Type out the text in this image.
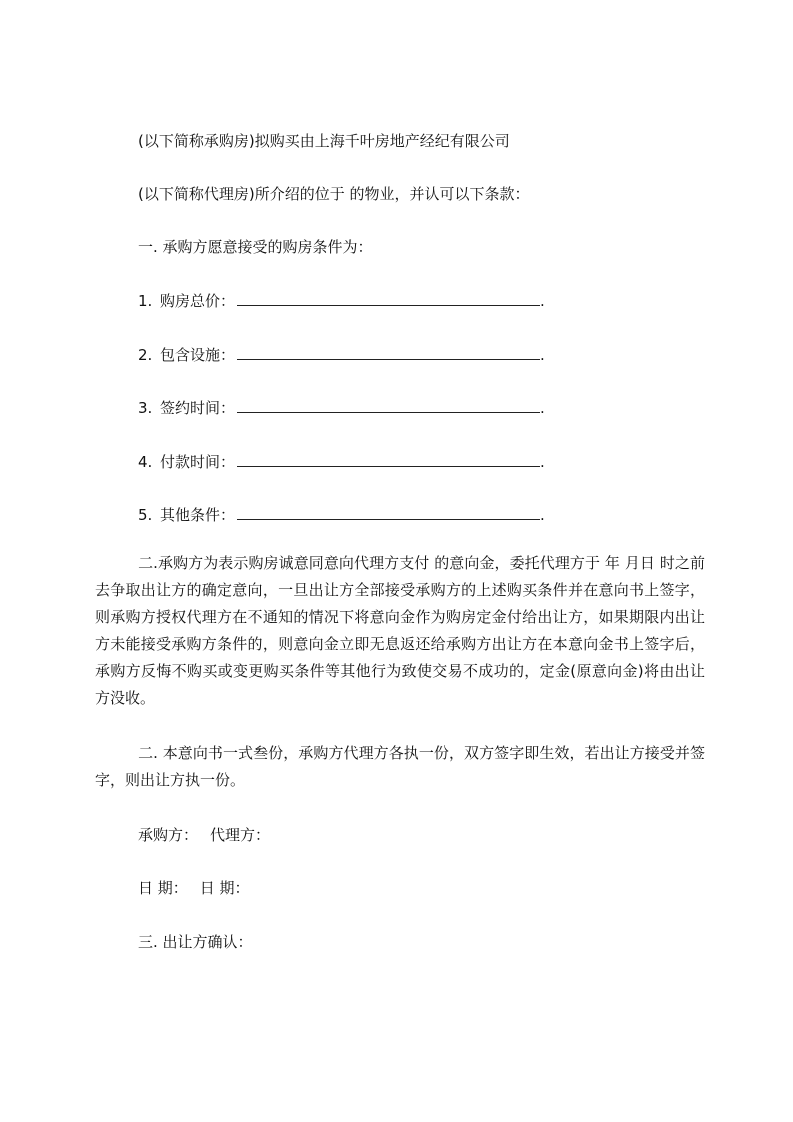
(以下简称承购房)拟购买由上海千叶房地产经纪有限公司
(以下简称代理房)所介绍的位于 的物业，并认可以下条款：
一. 承购方愿意接受的购房条件为：
1. 购房总价：	.
2. 包含设施：	.
3. 签约时间：	.
4. 付款时间：	.
5. 其他条件：	.
二.承购方为表示购房诚意同意向代理方支付 的意向金，委托代理方于 年 月日 时之前去争取出让方的确定意向，一旦出让方全部接受承购方的上述购买条件并在意向书上签字，则承购方授权代理方在不通知的情况下将意向金作为购房定金付给出让方，如果期限内出让方未能接受承购方条件的，则意向金立即无息返还给承购方出让方在本意向金书上签字后，承购方反悔不购买或变更购买条件等其他行为致使交易不成功的，定金(原意向金)将由出让方没收。
二. 本意向书一式叁份，承购方代理方各执一份，双方签字即生效，若出让方接受并签字，则出让方执一份。
承购方： 代理方：
日 期： 日 期：
三. 出让方确认：
